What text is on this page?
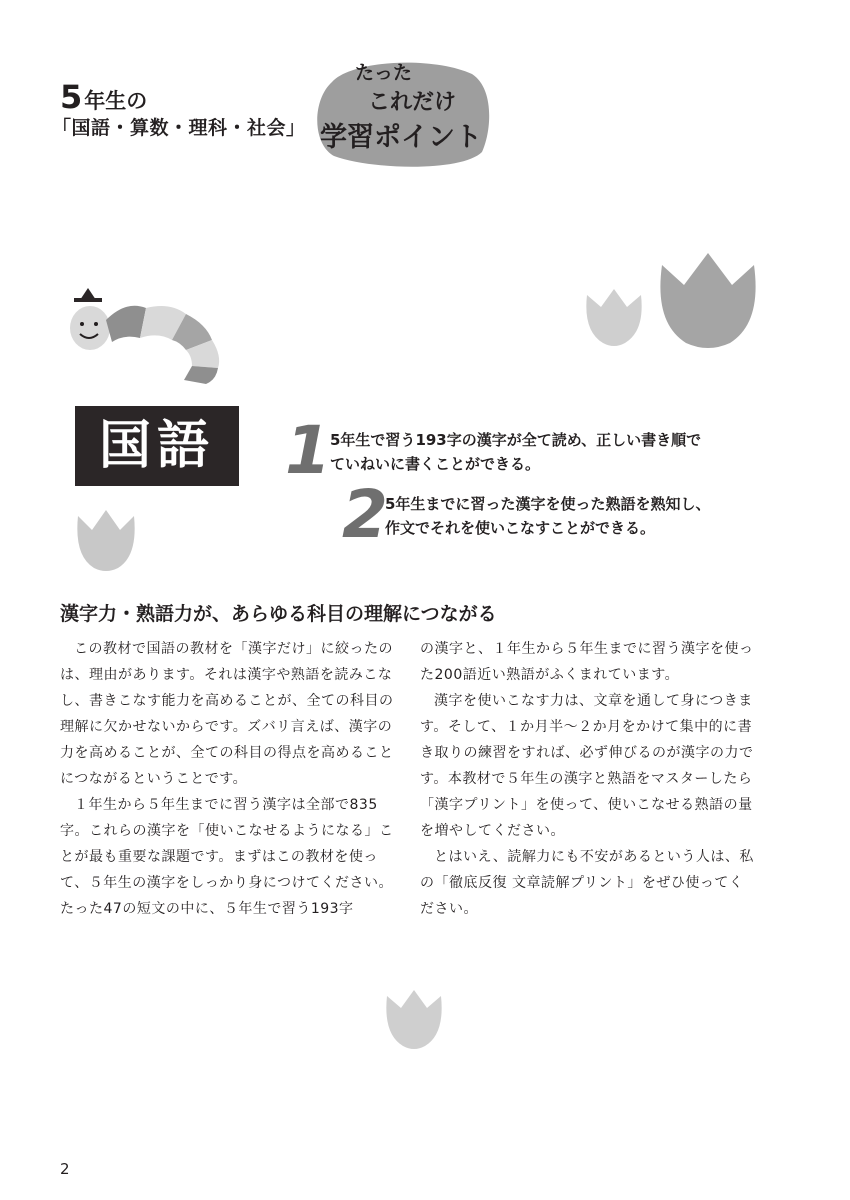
5年生の
「国語・算数・理科・社会」
たった
これだけ
学習ポイント
国語	1 5年生で習う193字の漢字が全て読め、正しい書き順で
ていねいに書くことができる。
2
5年生までに習った漢字を使った熟語を熟知し、
作文でそれを使いこなすことができる。
漢字力・熟語力が、あらゆる科目の理解につながる

この教材で国語の教材を「漢字だけ」に絞ったのは、理由があります。それは漢字や熟語を読みこなし、書きこなす能力を高めることが、全ての科目の理解に欠かせないからです。ズバリ言えば、漢字の力を高めることが、全ての科目の得点を高めることにつながるということです。

１年生から５年生までに習う漢字は全部で835字。これらの漢字を「使いこなせるようになる」ことが最も重要な課題です。まずはこの教材を使って、５年生の漢字をしっかり身につけてください。たった47の短文の中に、５年生で習う193字

の漢字と、１年生から５年生までに習う漢字を使った200語近い熟語がふくまれています。

漢字を使いこなす力は、文章を通して身につきます。そして、１か月半〜２か月をかけて集中的に書き取りの練習をすれば、必ず伸びるのが漢字の力です。本教材で５年生の漢字と熟語をマスターしたら「漢字プリント」を使って、使いこなせる熟語の量を増やしてください。

とはいえ、読解力にも不安があるという人は、私の「徹底反復 文章読解プリント」をぜひ使ってください。

2
